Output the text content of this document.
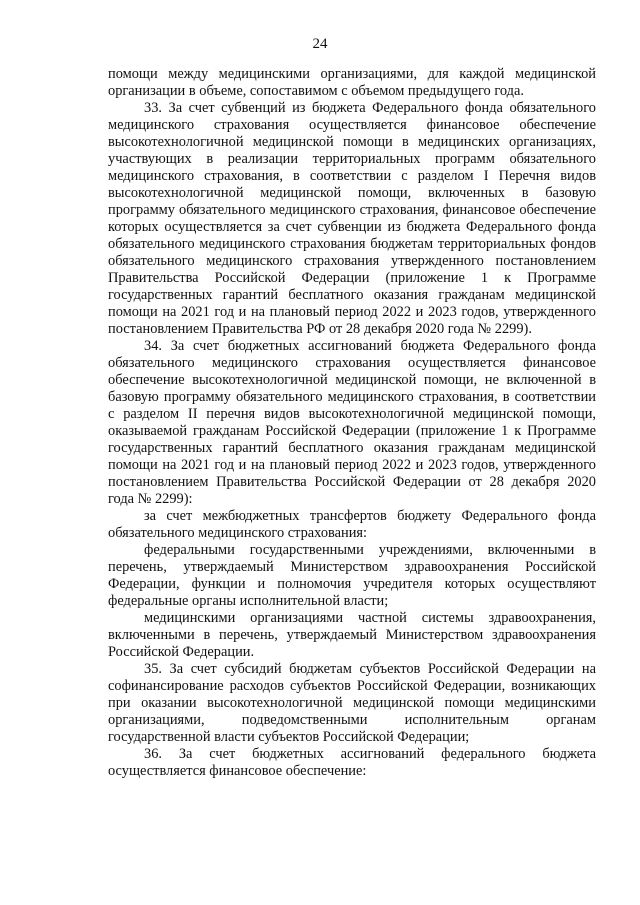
24

помощи между медицинскими организациями, для каждой медицинской организации в объеме, сопоставимом с объемом предыдущего года.

33. За счет субвенций из бюджета Федерального фонда обязательного медицинского страхования осуществляется финансовое обеспечение высокотехнологичной медицинской помощи в медицинских организациях, участвующих в реализации территориальных программ обязательного медицинского страхования, в соответствии с разделом I Перечня видов высокотехнологичной медицинской помощи, включенных в базовую программу обязательного медицинского страхования, финансовое обеспечение которых осуществляется за счет субвенции из бюджета Федерального фонда обязательного медицинского страхования бюджетам территориальных фондов обязательного медицинского страхования утвержденного постановлением Правительства Российской Федерации (приложение 1 к Программе государственных гарантий бесплатного оказания гражданам медицинской помощи на 2021 год и на плановый период 2022 и 2023 годов, утвержденного постановлением Правительства РФ от 28 декабря 2020 года № 2299).

34. За счет бюджетных ассигнований бюджета Федерального фонда обязательного медицинского страхования осуществляется финансовое обеспечение высокотехнологичной медицинской помощи, не включенной в базовую программу обязательного медицинского страхования, в соответствии с разделом II перечня видов высокотехнологичной медицинской помощи, оказываемой гражданам Российской Федерации (приложение 1 к Программе государственных гарантий бесплатного оказания гражданам медицинской помощи на 2021 год и на плановый период 2022 и 2023 годов, утвержденного постановлением Правительства Российской Федерации от 28 декабря 2020 года № 2299):

за счет межбюджетных трансфертов бюджету Федерального фонда обязательного медицинского страхования:

федеральными государственными учреждениями, включенными в перечень, утверждаемый Министерством здравоохранения Российской Федерации, функции и полномочия учредителя которых осуществляют федеральные органы исполнительной власти;

медицинскими организациями частной системы здравоохранения, включенными в перечень, утверждаемый Министерством здравоохранения Российской Федерации.

35. За счет субсидий бюджетам субъектов Российской Федерации на софинансирование расходов субъектов Российской Федерации, возникающих при оказании высокотехнологичной медицинской помощи медицинскими организациями, подведомственными исполнительным органам государственной власти субъектов Российской Федерации;

36. За счет бюджетных ассигнований федерального бюджета осуществляется финансовое обеспечение:
